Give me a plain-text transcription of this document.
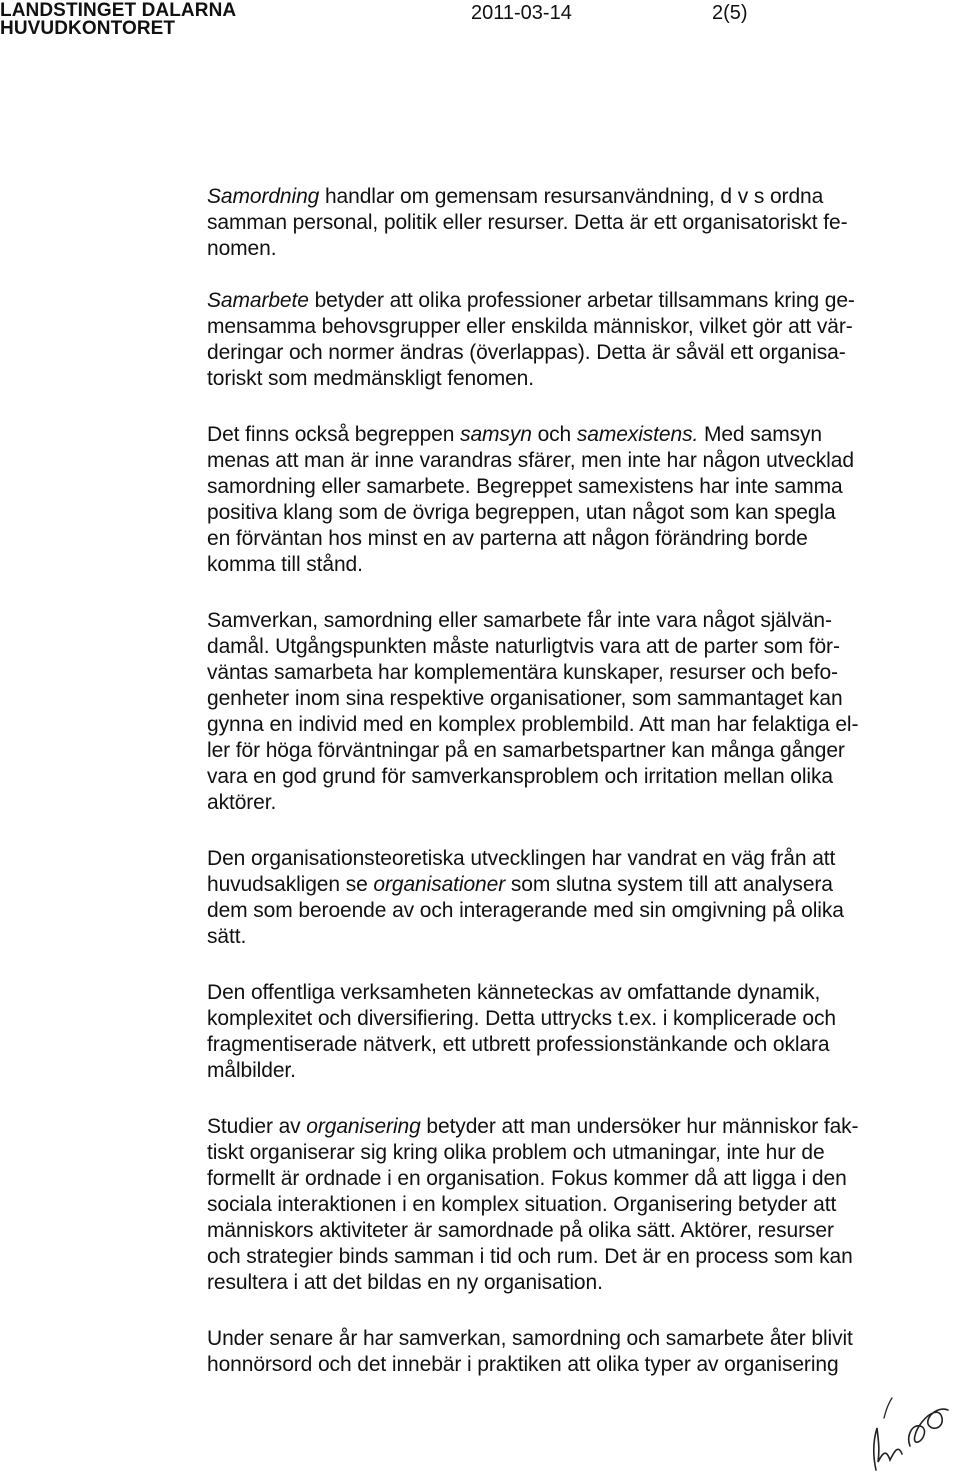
LANDSTINGET DALARNA
HUVUDKONTORET
2011-03-14	2(5)
Samordning handlar om gemensam resursanvändning, d v s ordna
samman personal, politik eller resurser. Detta är ett organisatoriskt fe-
nomen.
Samarbete betyder att olika professioner arbetar tillsammans kring ge-
mensamma behovsgrupper eller enskilda människor, vilket gör att vär-
deringar och normer ändras (överlappas). Detta är såväl ett organisa-
toriskt som medmänskligt fenomen.
Det finns också begreppen samsyn och samexistens. Med samsyn
menas att man är inne varandras sfärer, men inte har någon utvecklad
samordning eller samarbete. Begreppet samexistens har inte samma
positiva klang som de övriga begreppen, utan något som kan spegla
en förväntan hos minst en av parterna att någon förändring borde
komma till stånd.
Samverkan, samordning eller samarbete får inte vara något självän-
damål. Utgångspunkten måste naturligtvis vara att de parter som för-
väntas samarbeta har komplementära kunskaper, resurser och befo-
genheter inom sina respektive organisationer, som sammantaget kan
gynna en individ med en komplex problembild. Att man har felaktiga el-
ler för höga förväntningar på en samarbetspartner kan många gånger
vara en god grund för samverkansproblem och irritation mellan olika
aktörer.
Den organisationsteoretiska utvecklingen har vandrat en väg från att
huvudsakligen se organisationer som slutna system till att analysera
dem som beroende av och interagerande med sin omgivning på olika
sätt.
Den offentliga verksamheten känneteckas av omfattande dynamik,
komplexitet och diversifiering. Detta uttrycks t.ex. i komplicerade och
fragmentiserade nätverk, ett utbrett professionstänkande och oklara
målbilder.
Studier av organisering betyder att man undersöker hur människor fak-
tiskt organiserar sig kring olika problem och utmaningar, inte hur de
formellt är ordnade i en organisation. Fokus kommer då att ligga i den
sociala interaktionen i en komplex situation. Organisering betyder att
människors aktiviteter är samordnade på olika sätt. Aktörer, resurser
och strategier binds samman i tid och rum. Det är en process som kan
resultera i att det bildas en ny organisation.
Under senare år har samverkan, samordning och samarbete åter blivit
honnörsord och det innebär i praktiken att olika typer av organisering
